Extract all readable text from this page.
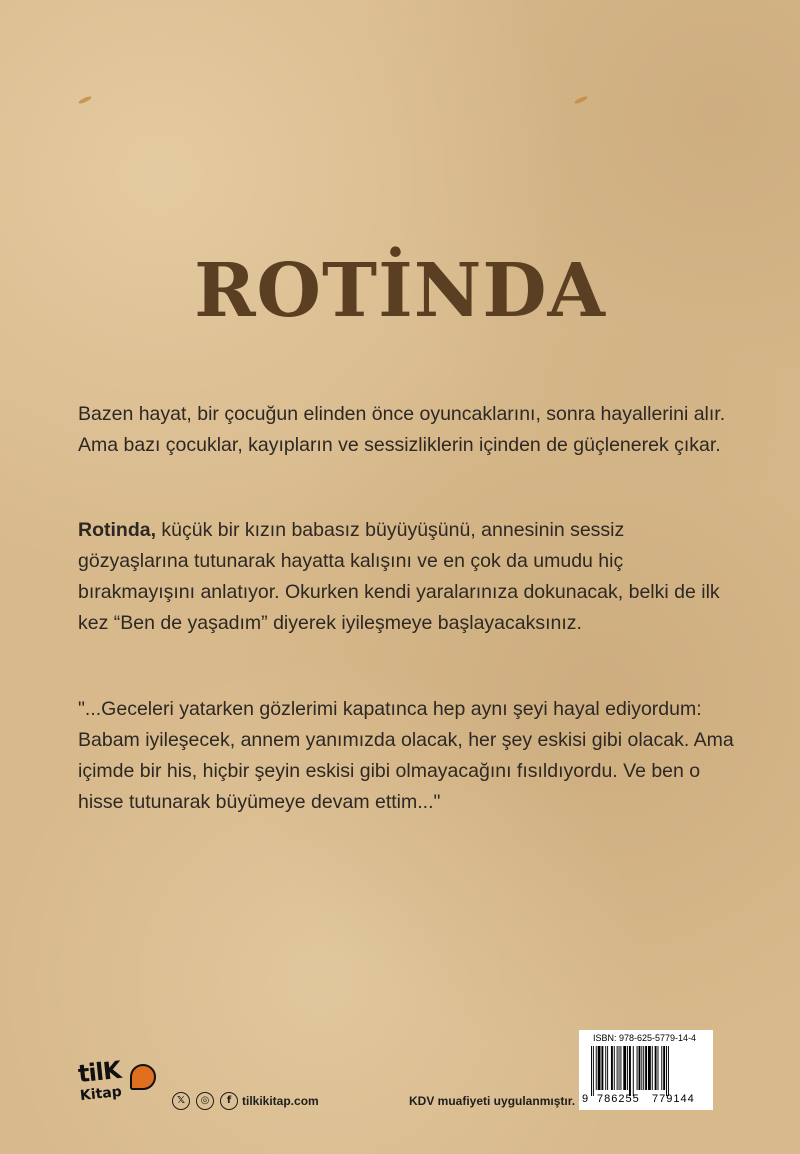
ROTİNDA

Bazen hayat, bir çocuğun elinden önce oyuncaklarını, sonra hayallerini alır. Ama bazı çocuklar, kayıpların ve sessizliklerin içinden de güçlenerek çıkar.

Rotinda, küçük bir kızın babasız büyüyüşünü, annesinin sessiz gözyaşlarına tutunarak hayatta kalışını ve en çok da umudu hiç bırakmayışını anlatıyor. Okurken kendi yaralarınıza dokunacak, belki de ilk kez “Ben de yaşadım” diyerek iyileşmeye başlayacaksınız.

"...Geceleri yatarken gözlerimi kapatınca hep aynı şeyi hayal ediyordum: Babam iyileşecek, annem yanımızda olacak, her şey eskisi gibi olacak. Ama içimde bir his, hiçbir şeyin eskisi gibi olmayacağını fısıldıyordu. Ve ben o hisse tutunarak büyümeye devam ettim..."

tilK
Kitap	𝕏	◎	f tilkikitap.com	KDV muafiyeti uygulanmıştır.
ISBN: 978-625-5779-14-4
9 786255 779144
